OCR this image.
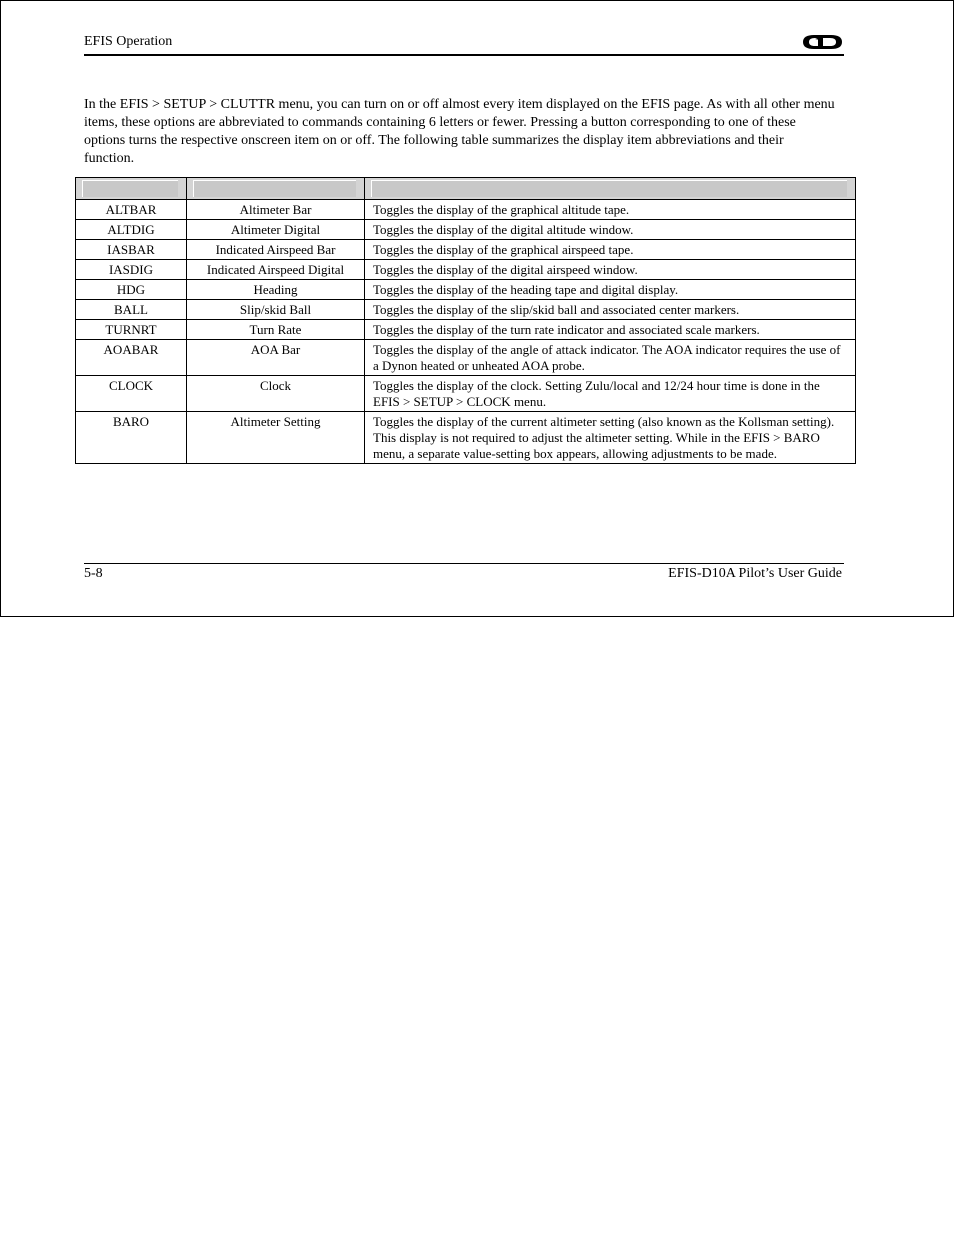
EFIS Operation

In the EFIS > SETUP > CLUTTR menu, you can turn on or off almost every item displayed on the EFIS page. As with all other menu items, these options are abbreviated to commands containing 6 letters or fewer. Pressing a button corresponding to one of these options turns the respective onscreen item on or off. The following table summarizes the display item abbreviations and their function.

ALTBAR	Altimeter Bar	Toggles the display of the graphical altitude tape.
ALTDIG	Altimeter Digital	Toggles the display of the digital altitude window.
IASBAR	Indicated Airspeed Bar	Toggles the display of the graphical airspeed tape.
IASDIG	Indicated Airspeed Digital	Toggles the display of the digital airspeed window.
HDG	Heading	Toggles the display of the heading tape and digital display.
BALL	Slip/skid Ball	Toggles the display of the slip/skid ball and associated center markers.
TURNRT	Turn Rate	Toggles the display of the turn rate indicator and associated scale markers.
AOABAR	AOA Bar	Toggles the display of the angle of attack indicator. The AOA indicator requires the use of a Dynon heated or unheated AOA probe.
CLOCK	Clock	Toggles the display of the clock. Setting Zulu/local and 12/24 hour time is done in the EFIS > SETUP > CLOCK menu.
BARO	Altimeter Setting	Toggles the display of the current altimeter setting (also known as the Kollsman setting). This display is not required to adjust the altimeter setting. While in the EFIS > BARO menu, a separate value-setting box appears, allowing adjustments to be made.
5-8	EFIS-D10A Pilot’s User Guide
